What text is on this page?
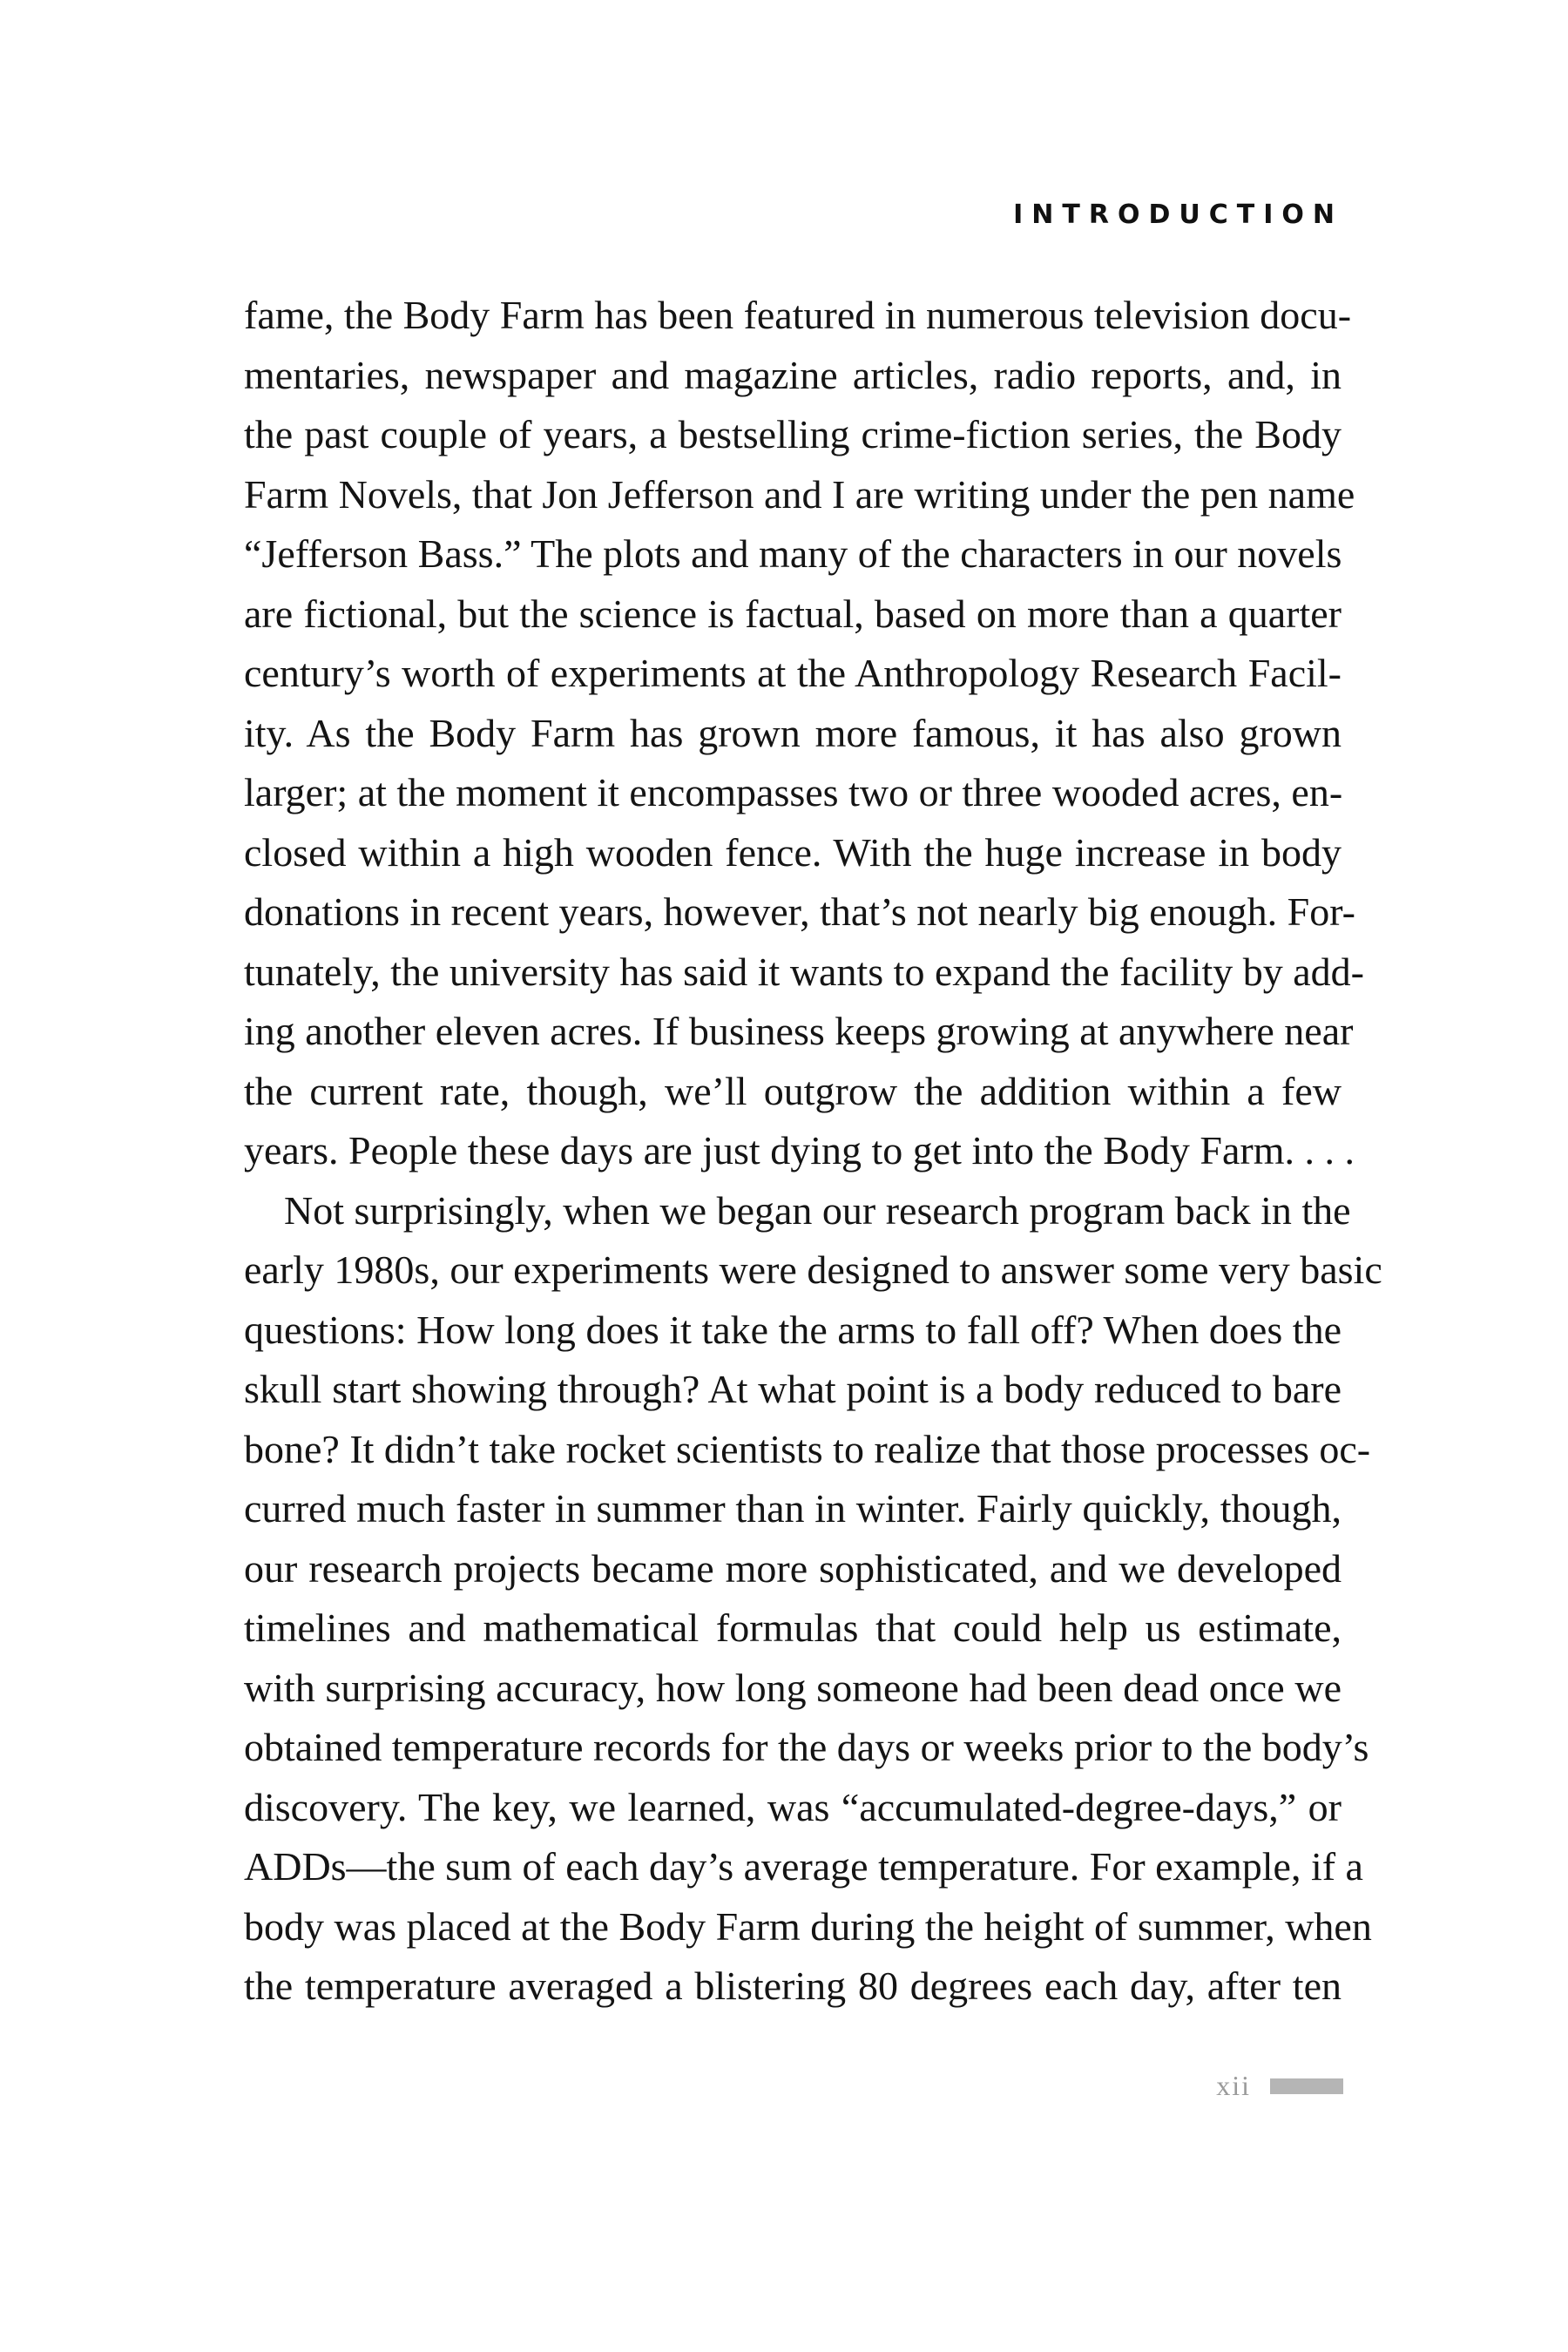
INTRODUCTION
fame, the Body Farm has been featured in numerous television docu-
mentaries, newspaper and magazine articles, radio reports, and, in
the past couple of years, a bestselling crime-fiction series, the Body
Farm Novels, that Jon Jefferson and I are writing under the pen name
“Jefferson Bass.” The plots and many of the characters in our novels
are fictional, but the science is factual, based on more than a quarter
century’s worth of experiments at the Anthropology Research Facil-
ity. As the Body Farm has grown more famous, it has also grown
larger; at the moment it encompasses two or three wooded acres, en-
closed within a high wooden fence. With the huge increase in body
donations in recent years, however, that’s not nearly big enough. For-
tunately, the university has said it wants to expand the facility by add-
ing another eleven acres. If business keeps growing at anywhere near
the current rate, though, we’ll outgrow the addition within a few
years. People these days are just dying to get into the Body Farm. . . .
Not surprisingly, when we began our research program back in the
early 1980s, our experiments were designed to answer some very basic
questions: How long does it take the arms to fall off? When does the
skull start showing through? At what point is a body reduced to bare
bone? It didn’t take rocket scientists to realize that those processes oc-
curred much faster in summer than in winter. Fairly quickly, though,
our research projects became more sophisticated, and we developed
timelines and mathematical formulas that could help us estimate,
with surprising accuracy, how long someone had been dead once we
obtained temperature records for the days or weeks prior to the body’s
discovery. The key, we learned, was “accumulated-degree-days,” or
ADDs—the sum of each day’s average temperature. For example, if a
body was placed at the Body Farm during the height of summer, when
the temperature averaged a blistering 80 degrees each day, after ten
xii
